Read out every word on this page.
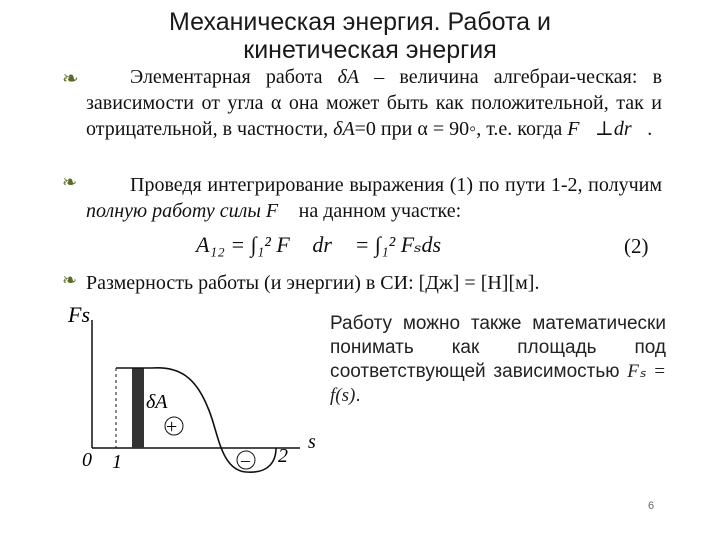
Механическая энергия. Работа и
кинетическая энергия
❧	Элементарная работа δA – величина алгебраи-ческая: в зависимости от угла α она может быть как положительной, так и отрицательной, в частности, δA=0 при α = 90◦, т.е. когда F⃗⊥dr⃗.
❧	Проведя интегрирование выражения (1) по пути 1-2, получим полную работу силы F⃗ на данном участке:
A₁₂ = ∫₁² F⃗ dr⃗ = ∫₁² Fₛds	(2)
❧ Размерность работы (и энергии) в СИ: [Дж] = [Н][м].
Fs
s
0 1	2
δA
+
–
Работу можно также математически понимать как площадь под соответствующей зависимостью Fₛ = f(s).
6
